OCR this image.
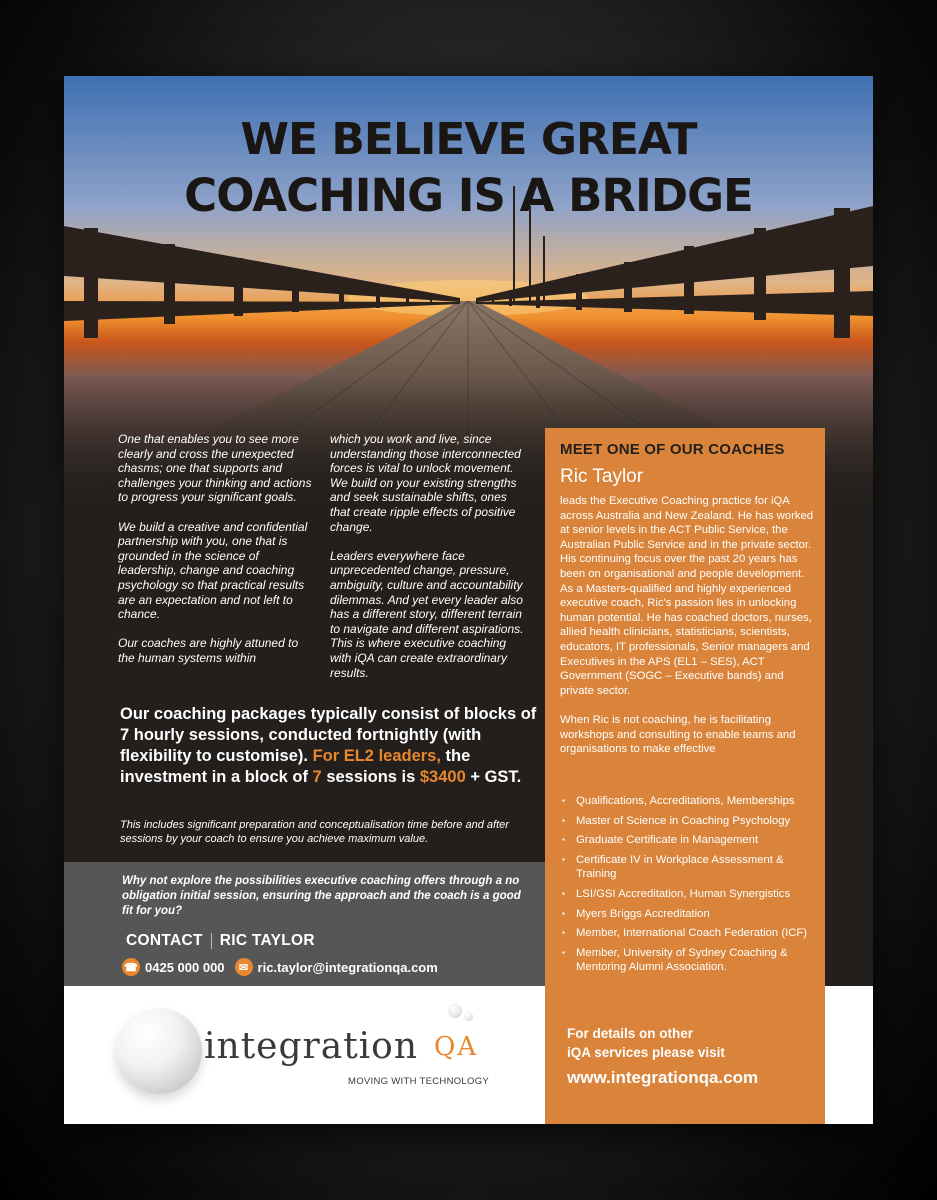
WE BELIEVE GREAT
COACHING IS A BRIDGE

One that enables you to see more clearly and cross the unexpected chasms; one that supports and challenges your thinking and actions to progress your significant goals.

We build a creative and confidential partnership with you, one that is grounded in the science of leadership, change and coaching psychology so that practical results are an expectation and not left to chance.

Our coaches are highly attuned to the human systems within

which you work and live, since understanding those interconnected forces is vital to unlock movement. We build on your existing strengths and seek sustainable shifts, ones that create ripple effects of positive change.

Leaders everywhere face unprecedented change, pressure, ambiguity, culture and accountability dilemmas. And yet every leader also has a different story, different terrain to navigate and different aspirations. This is where executive coaching with iQA can create extraordinary results.

Our coaching packages typically consist of blocks of 7 hourly sessions, conducted fortnightly (with flexibility to customise). For EL2 leaders, the investment in a block of 7 sessions is $3400 + GST.
This includes significant preparation and conceptualisation time before and after sessions by your coach to ensure you achieve maximum value.
Why not explore the possibilities executive coaching offers through a no obligation initial session, ensuring the approach and the coach is a good fit for you?
CONTACT RIC TAYLOR
☎ 0425 000 000	✉ ric.taylor@integrationqa.com
integration QA
MOVING WITH TECHNOLOGY
MEET ONE OF OUR COACHES
Ric Taylor

leads the Executive Coaching practice for iQA across Australia and New Zealand. He has worked at senior levels in the ACT Public Service, the Australian Public Service and in the private sector. His continuing focus over the past 20 years has been on organisational and people development. As a Masters-qualified and highly experienced executive coach, Ric's passion lies in unlocking human potential. He has coached doctors, nurses, allied health clinicians, statisticians, scientists, educators, IT professionals, Senior managers and Executives in the APS (EL1 – SES), ACT Government (SOGC – Executive bands) and private sector.

When Ric is not coaching, he is facilitating workshops and consulting to enable teams and organisations to make effective

▪ Qualifications, Accreditations, Memberships
▪ Master of Science in Coaching Psychology
▪ Graduate Certificate in Management
▪ Certificate IV in Workplace Assessment & Training
▪ LSI/GSI Accreditation, Human Synergistics
▪ Myers Briggs Accreditation
▪ Member, International Coach Federation (ICF)
▪ Member, University of Sydney Coaching & Mentoring Alumni Association.
For details on other
iQA services please visit
www.integrationqa.com
